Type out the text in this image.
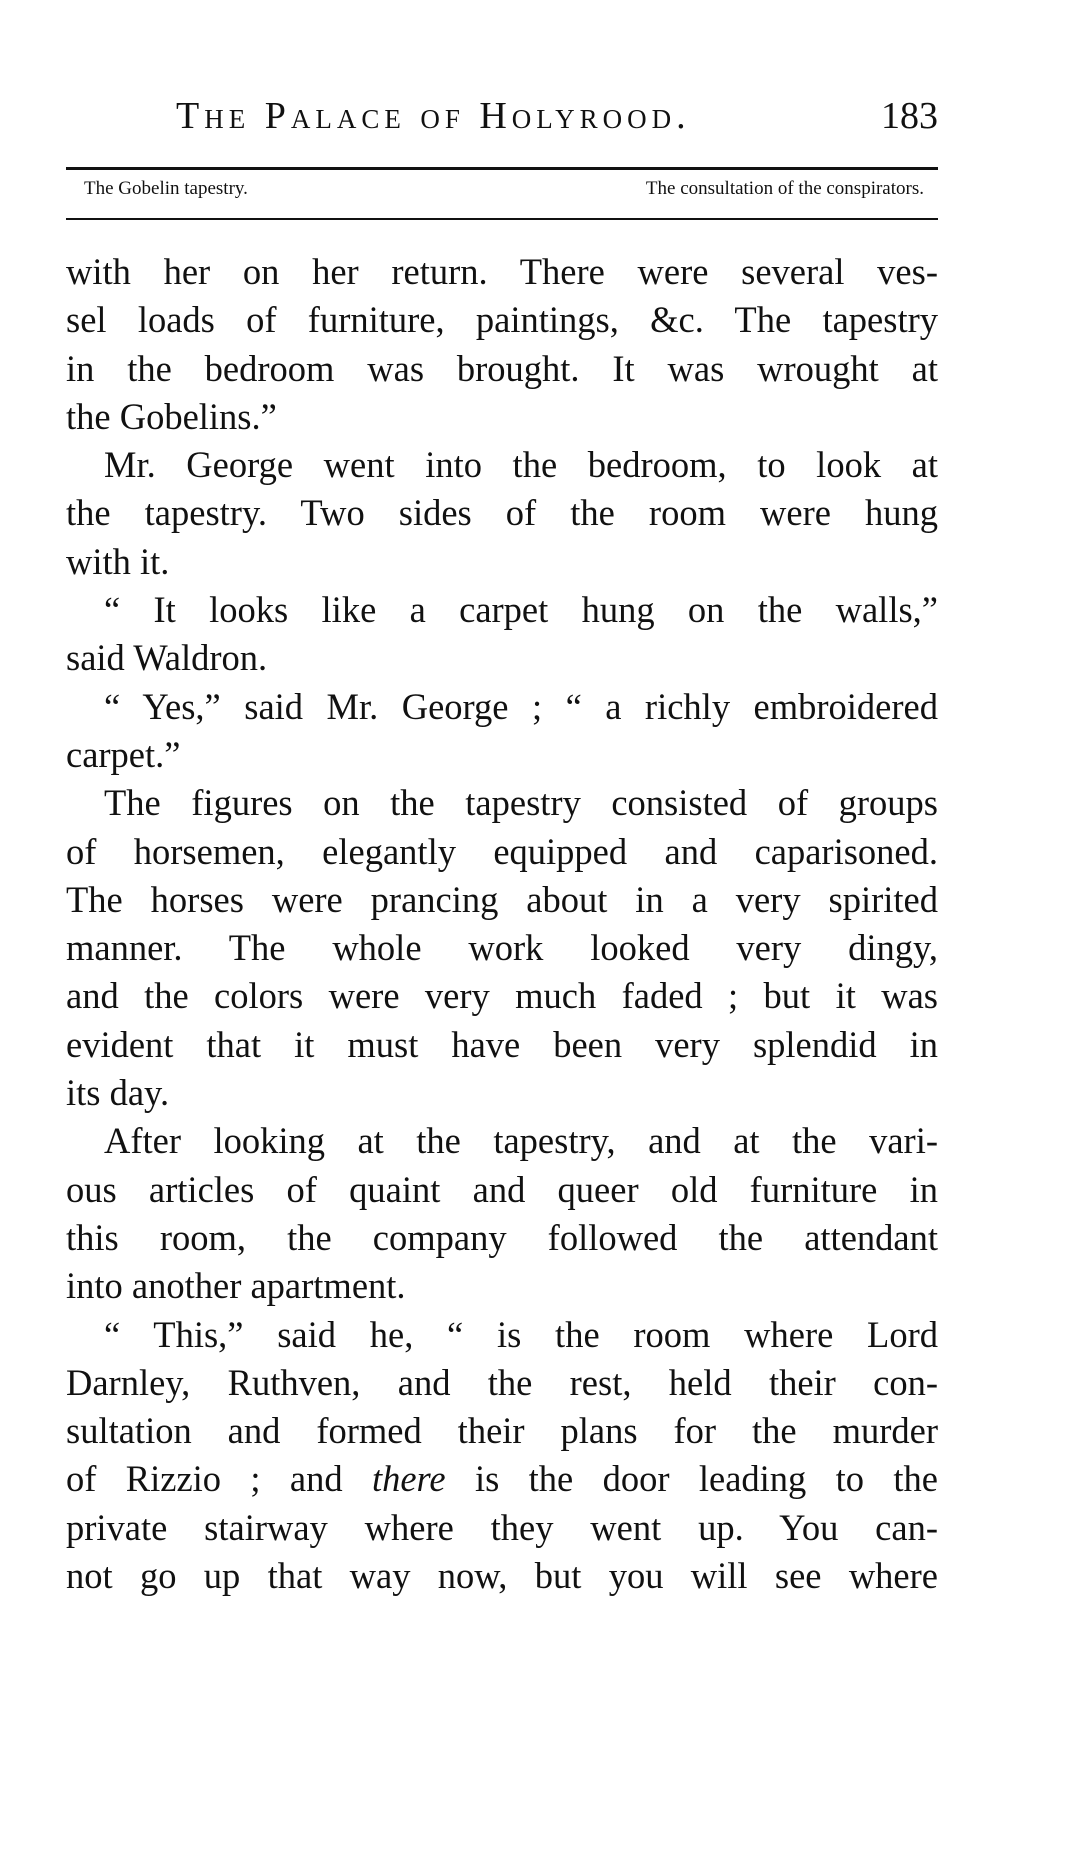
The Palace of Holyrood.	183
The Gobelin tapestry.	The consultation of the conspirators.
with her on her return. There were several ves-
sel loads of furniture, paintings, &c. The tapestry
in the bedroom was brought. It was wrought at
the Gobelins.”
Mr. George went into the bedroom, to look at
the tapestry. Two sides of the room were hung
with it.
“ It looks like a carpet hung on the walls,”
said Waldron.
“ Yes,” said Mr. George ; “ a richly embroidered
carpet.”
The figures on the tapestry consisted of groups
of horsemen, elegantly equipped and caparisoned.
The horses were prancing about in a very spirited
manner. The whole work looked very dingy,
and the colors were very much faded ; but it was
evident that it must have been very splendid in
its day.
After looking at the tapestry, and at the vari-
ous articles of quaint and queer old furniture in
this room, the company followed the attendant
into another apartment.
“ This,” said he, “ is the room where Lord
Darnley, Ruthven, and the rest, held their con-
sultation and formed their plans for the murder
of Rizzio ; and there is the door leading to the
private stairway where they went up. You can-
not go up that way now, but you will see where
